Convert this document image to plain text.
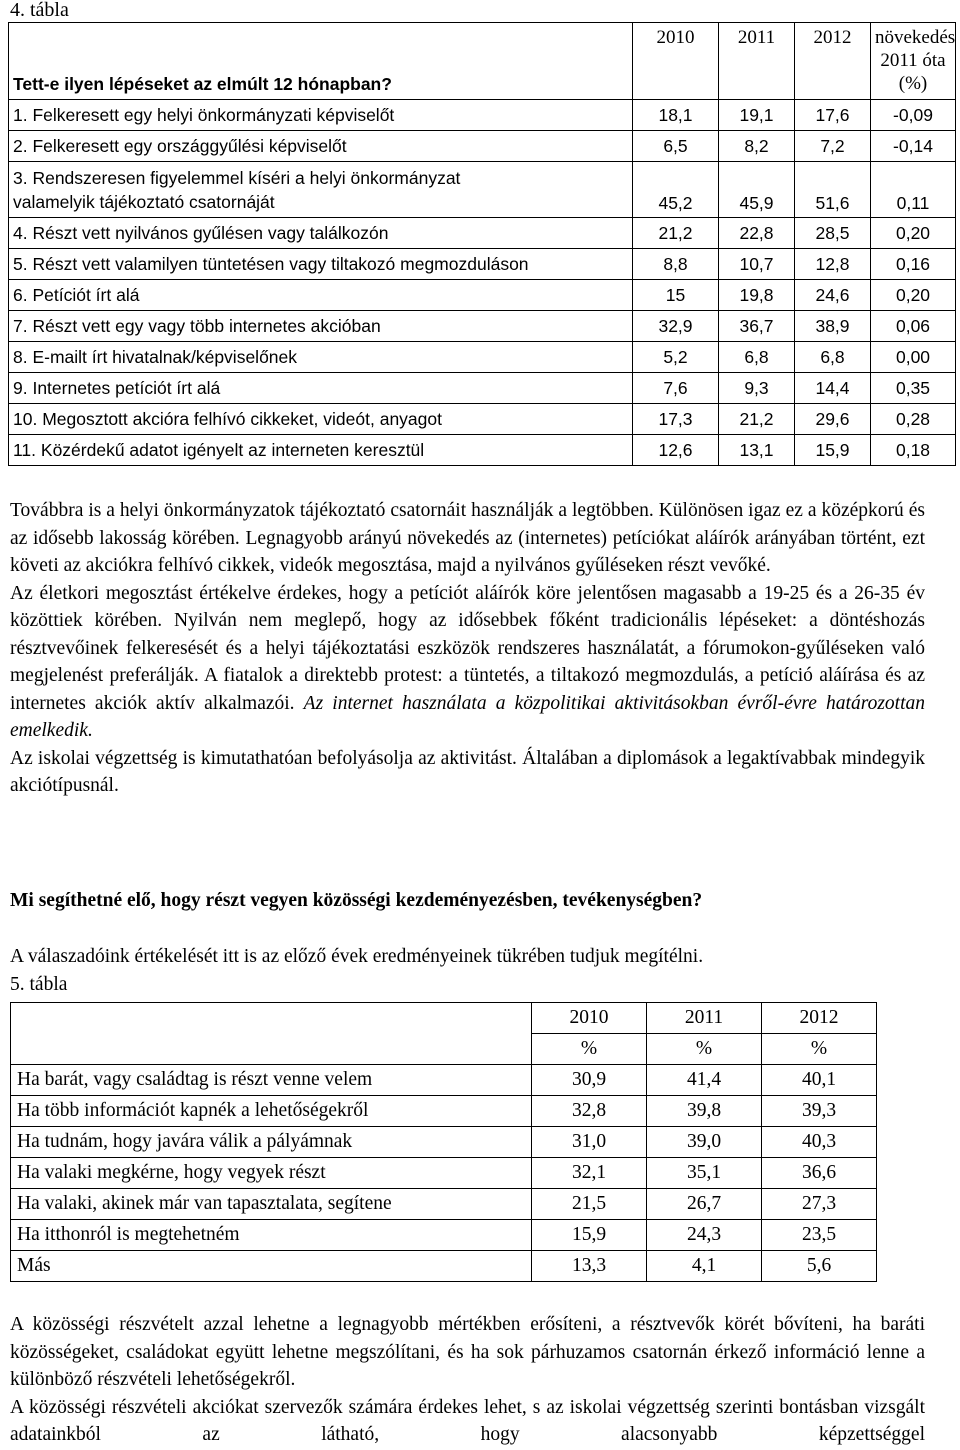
4. tábla
Tett-e ilyen lépéseket az elmúlt 12 hónapban?	2010	2011	2012	növekedés
2011 óta
(%)
1. Felkeresett egy helyi önkormányzati képviselőt	18,1	19,1	17,6	-0,09
2. Felkeresett egy országgyűlési képviselőt	6,5	8,2	7,2	-0,14
3. Rendszeresen figyelemmel kíséri a helyi önkormányzat
valamelyik tájékoztató csatornáját	45,2	45,9	51,6	0,11
4. Részt vett nyilvános gyűlésen vagy találkozón	21,2	22,8	28,5	0,20
5. Részt vett valamilyen tüntetésen vagy tiltakozó megmozduláson	8,8	10,7	12,8	0,16
6. Petíciót írt alá	15	19,8	24,6	0,20
7. Részt vett egy vagy több internetes akcióban	32,9	36,7	38,9	0,06
8. E-mailt írt hivatalnak/képviselőnek	5,2	6,8	6,8	0,00
9. Internetes petíciót írt alá	7,6	9,3	14,4	0,35
10. Megosztott akcióra felhívó cikkeket, videót, anyagot	17,3	21,2	29,6	0,28
11. Közérdekű adatot igényelt az interneten keresztül	12,6	13,1	15,9	0,18

Továbbra is a helyi önkormányzatok tájékoztató csatornáit használják a legtöbben. Különösen igaz ez a középkorú és az idősebb lakosság körében. Legnagyobb arányú növekedés az (internetes) petíciókat aláírók arányában történt, ezt követi az akciókra felhívó cikkek, videók megosztása, majd a nyilvános gyűléseken részt vevőké.

Az életkori megosztást értékelve érdekes, hogy a petíciót aláírók köre jelentősen magasabb a 19-25 és a 26-35 év közöttiek körében. Nyilván nem meglepő, hogy az idősebbek főként tradicionális lépéseket: a döntéshozás résztvevőinek felkeresését és a helyi tájékoztatási eszközök rendszeres használatát, a fórumokon-gyűléseken való megjelenést preferálják. A fiatalok a direktebb protest: a tüntetés, a tiltakozó megmozdulás, a petíció aláírása és az internetes akciók aktív alkalmazói. Az internet használata a közpolitikai aktivitásokban évről-évre határozottan emelkedik.

Az iskolai végzettség is kimutathatóan befolyásolja az aktivitást. Általában a diplomások a legaktívabbak mindegyik akciótípusnál.

Mi segíthetné elő, hogy részt vegyen közösségi kezdeményezésben, tevékenységben?
A válaszadóink értékelését itt is az előző évek eredményeinek tükrében tudjuk megítélni.
5. tábla
	2010	2011	2012
	%	%	%
Ha barát, vagy családtag is részt venne velem	30,9	41,4	40,1
Ha több információt kapnék a lehetőségekről	32,8	39,8	39,3
Ha tudnám, hogy javára válik a pályámnak	31,0	39,0	40,3
Ha valaki megkérne, hogy vegyek részt	32,1	35,1	36,6
Ha valaki, akinek már van tapasztalata, segítene	21,5	26,7	27,3
Ha itthonról is megtehetném	15,9	24,3	23,5
Más	13,3	4,1	5,6

A közösségi részvételt azzal lehetne a legnagyobb mértékben erősíteni, a résztvevők körét bővíteni, ha baráti közösségeket, családokat együtt lehetne megszólítani, és ha sok párhuzamos csatornán érkező információ lenne a különböző részvételi lehetőségekről.

A közösségi részvételi akciókat szervezők számára érdekes lehet, s az iskolai végzettség szerinti bontásban vizsgált adatainkból az látható, hogy alacsonyabb képzettséggel
